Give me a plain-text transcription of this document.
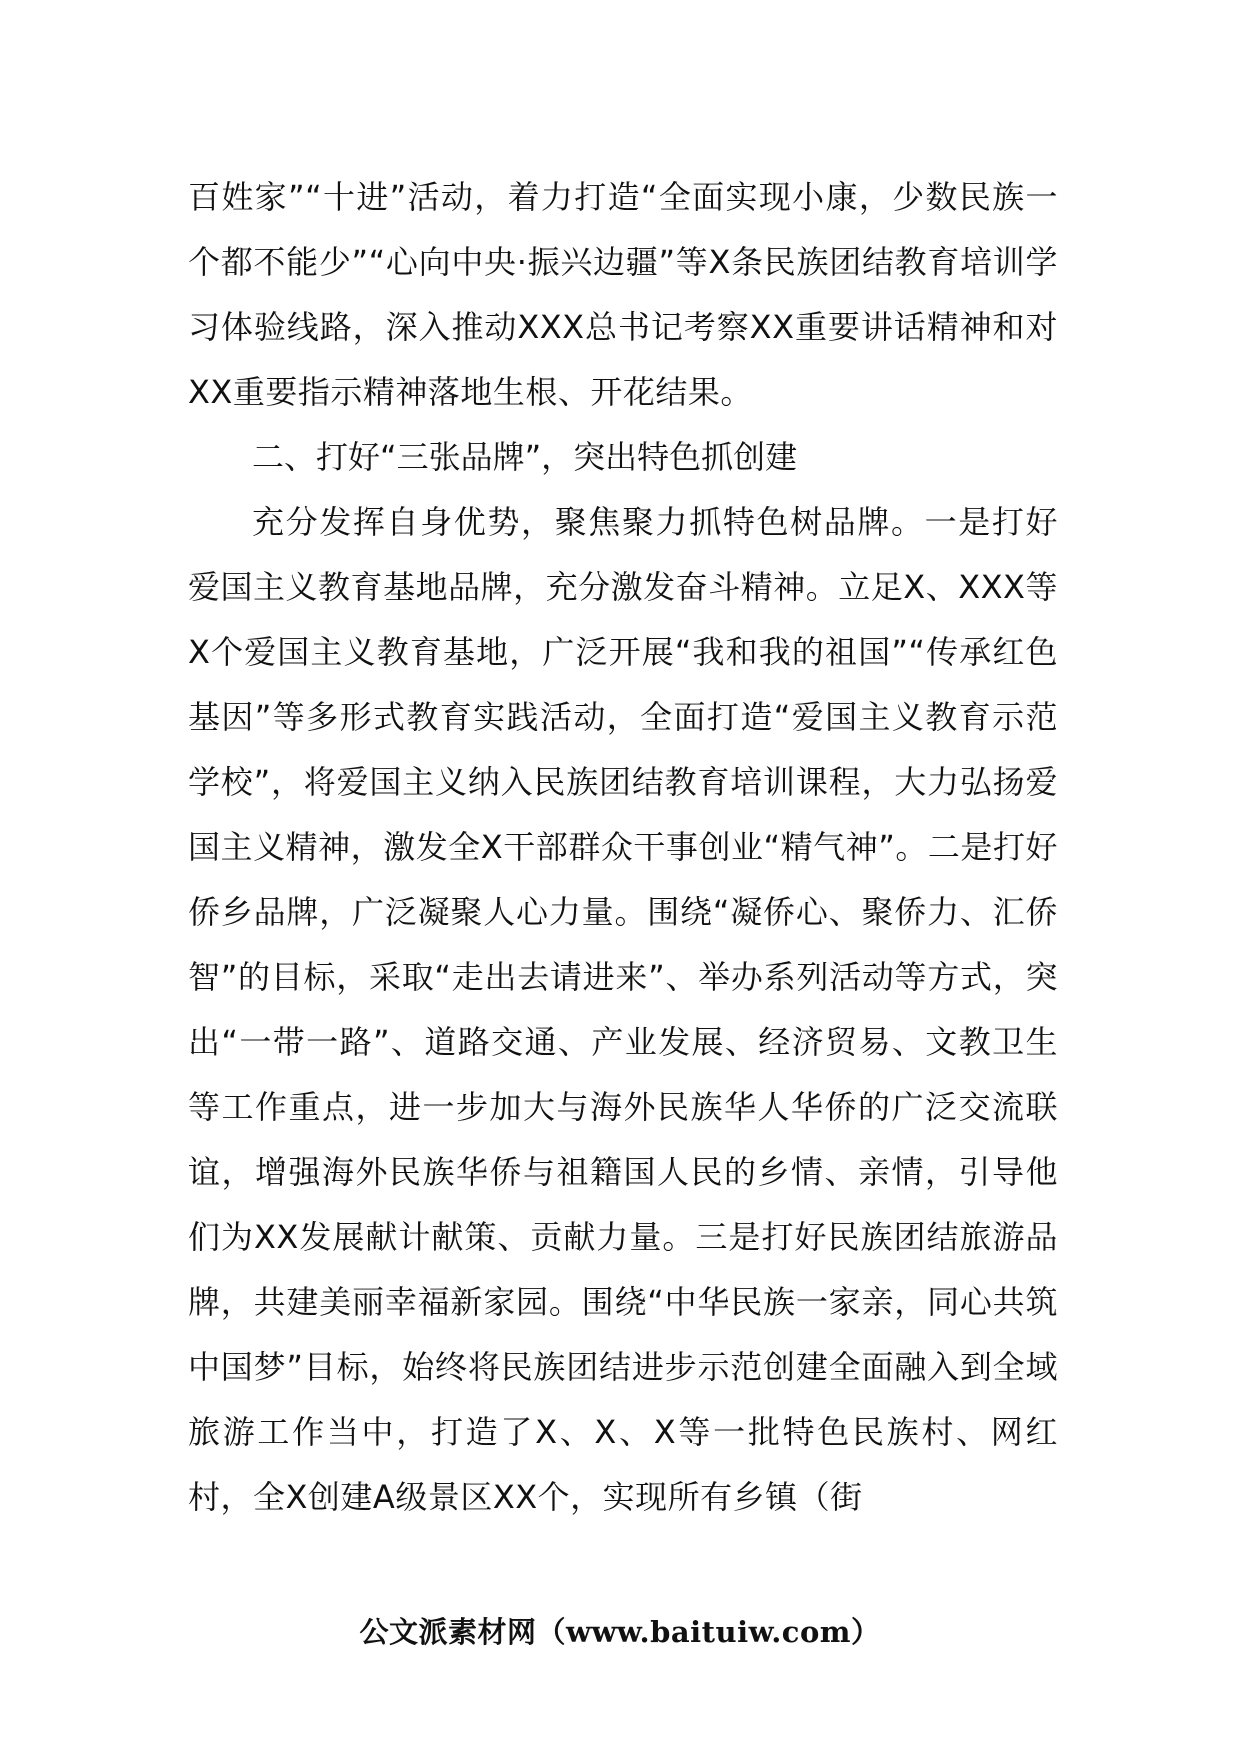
百姓家”“十进”活动，着力打造“全面实现小康，少数民族一个都不能少”“心向中央·振兴边疆”等X条民族团结教育培训学习体验线路，深入推动XXX总书记考察XX重要讲话精神和对XX重要指示精神落地生根、开花结果。

二、打好“三张品牌”，突出特色抓创建

充分发挥自身优势，聚焦聚力抓特色树品牌。一是打好爱国主义教育基地品牌，充分激发奋斗精神。立足X、XXX等X个爱国主义教育基地，广泛开展“我和我的祖国”“传承红色基因”等多形式教育实践活动，全面打造“爱国主义教育示范学校”，将爱国主义纳入民族团结教育培训课程，大力弘扬爱国主义精神，激发全X干部群众干事创业“精气神”。二是打好侨乡品牌，广泛凝聚人心力量。围绕“凝侨心、聚侨力、汇侨智”的目标，采取“走出去请进来”、举办系列活动等方式，突出“一带一路”、道路交通、产业发展、经济贸易、文教卫生等工作重点，进一步加大与海外民族华人华侨的广泛交流联谊，增强海外民族华侨与祖籍国人民的乡情、亲情，引导他们为XX发展献计献策、贡献力量。三是打好民族团结旅游品牌，共建美丽幸福新家园。围绕“中华民族一家亲，同心共筑中国梦”目标，始终将民族团结进步示范创建全面融入到全域旅游工作当中，打造了X、X、X等一批特色民族村、网红村，全X创建A级景区XX个，实现所有乡镇（街

公文派素材网（www.baituiw.com）
